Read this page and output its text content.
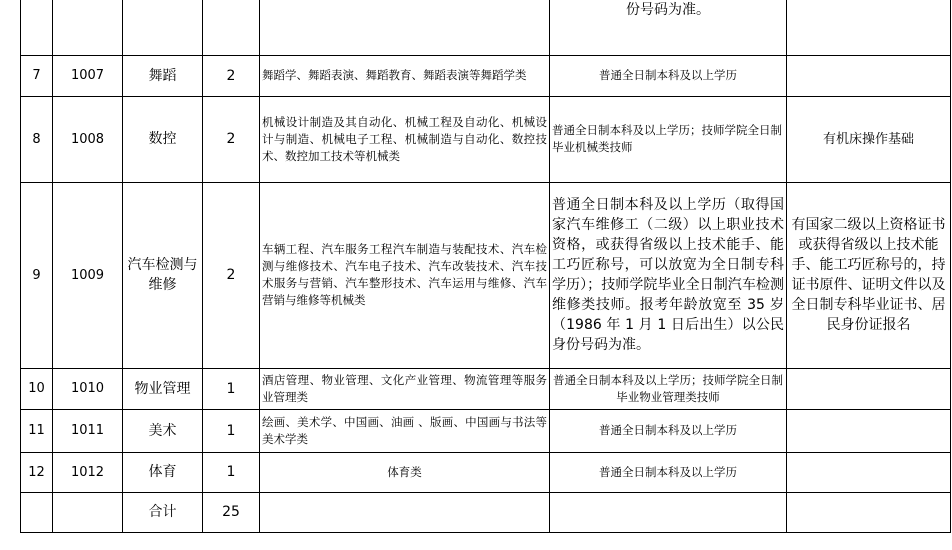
					份号码为准。	
7	1007	舞蹈	2	舞蹈学、舞蹈表演、舞蹈教育、舞蹈表演等舞蹈学类	普通全日制本科及以上学历	
8	1008	数控	2	机械设计制造及其自动化、机械工程及自动化、机械设计与制造、机械电子工程、机械制造与自动化、数控技术、数控加工技术等机械类	普通全日制本科及以上学历；技师学院全日制毕业机械类技师	有机床操作基础
9	1009	汽车检测与维修	2	车辆工程、汽车服务工程汽车制造与装配技术、汽车检测与维修技术、汽车电子技术、汽车改装技术、汽车技术服务与营销、汽车整形技术、汽车运用与维修、汽车营销与维修等机械类	普通全日制本科及以上学历（取得国家汽车维修工（二级）以上职业技术资格，或获得省级以上技术能手、能工巧匠称号，可以放宽为全日制专科学历）；技师学院毕业全日制汽车检测维修类技师。报考年龄放宽至 35 岁（1986 年 1 月 1 日后出生）以公民身份号码为准。	有国家二级以上资格证书或获得省级以上技术能手、能工巧匠称号的，持证书原件、证明文件以及全日制专科毕业证书、居民身份证报名
10	1010	物业管理	1	酒店管理、物业管理、文化产业管理、物流管理等服务业管理类	普通全日制本科及以上学历；技师学院全日制毕业物业管理类技师	
11	1011	美术	1	绘画、美术学、中国画、油画 、版画、中国画与书法等美术学类	普通全日制本科及以上学历	
12	1012	体育	1	体育类	普通全日制本科及以上学历	
		合计	25			
